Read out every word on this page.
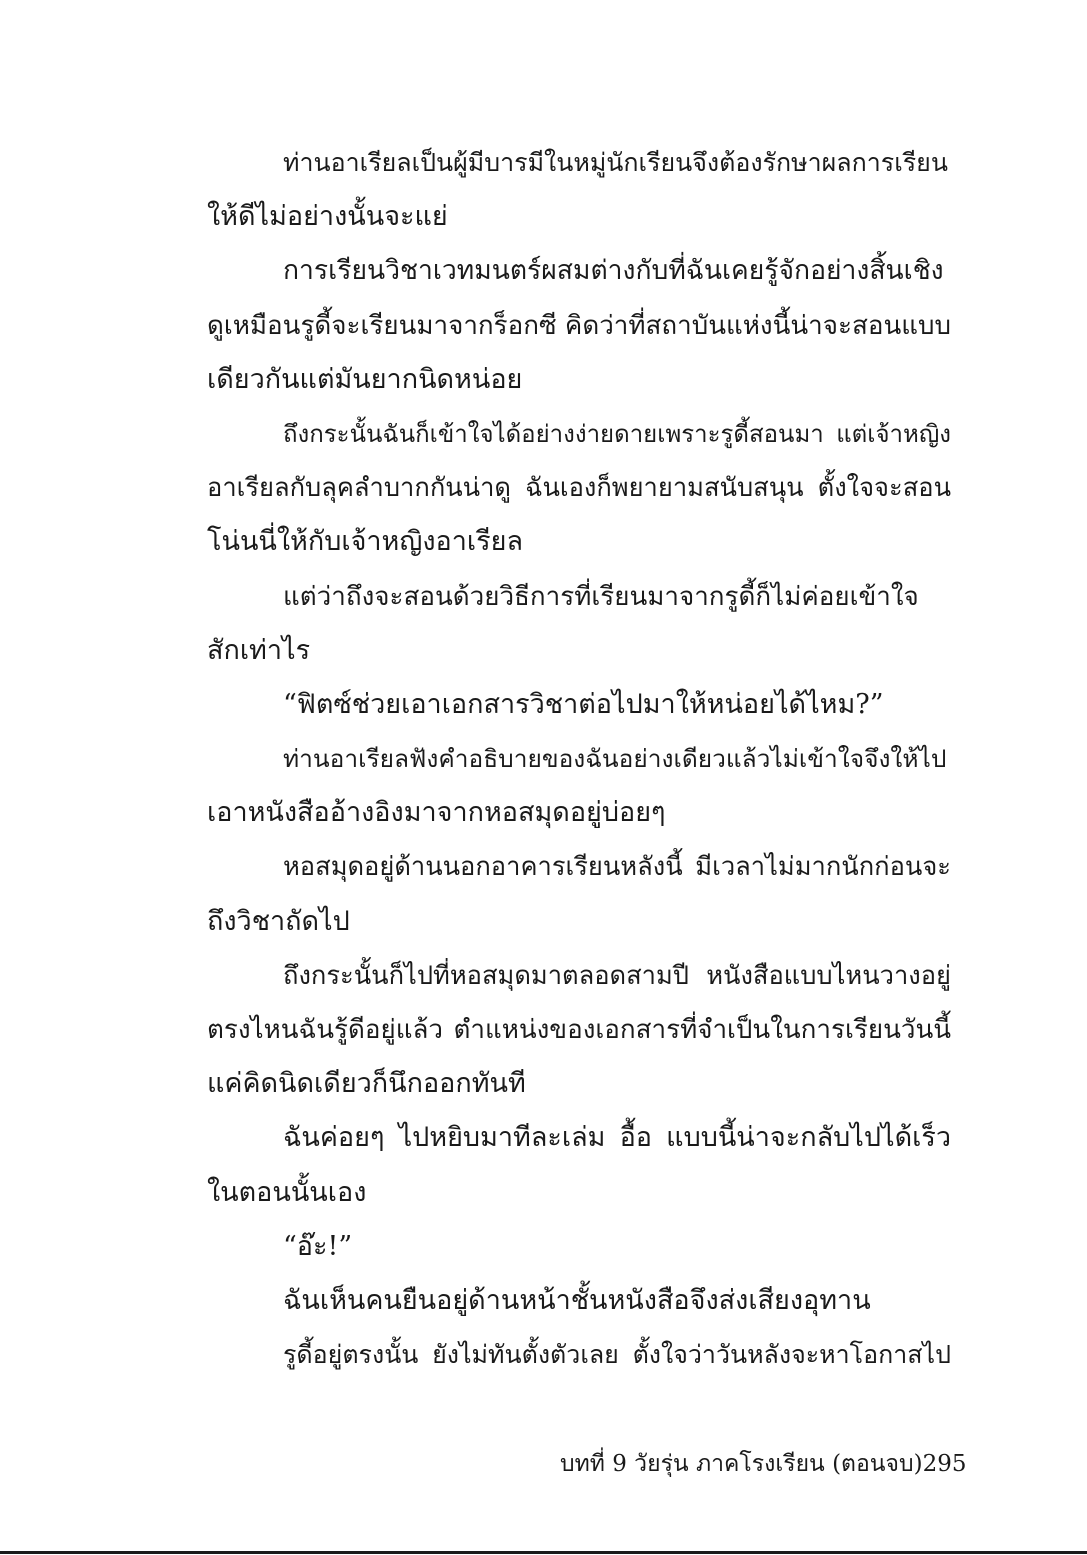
ท่านอาเรียลเป็นผู้มีบารมีในหมู่นักเรียนจึงต้องรักษาผลการเรียน
ให้ดีไม่อย่างนั้นจะแย่
การเรียนวิชาเวทมนตร์ผสมต่างกับที่ฉันเคยรู้จักอย่างสิ้นเชิง
ดูเหมือนรูดี้จะเรียนมาจากร็อกซี คิดว่าที่สถาบันแห่งนี้น่าจะสอนแบบ
เดียวกันแต่มันยากนิดหน่อย
ถึงกระนั้นฉันก็เข้าใจได้อย่างง่ายดายเพราะรูดี้สอนมา แต่เจ้าหญิง
อาเรียลกับลุคลำบากกันน่าดู ฉันเองก็พยายามสนับสนุน ตั้งใจจะสอน
โน่นนี่ให้กับเจ้าหญิงอาเรียล
แต่ว่าถึงจะสอนด้วยวิธีการที่เรียนมาจากรูดี้ก็ไม่ค่อยเข้าใจ
สักเท่าไร
“ฟิตซ์ช่วยเอาเอกสารวิชาต่อไปมาให้หน่อยได้ไหม?”
ท่านอาเรียลฟังคำอธิบายของฉันอย่างเดียวแล้วไม่เข้าใจจึงให้ไป
เอาหนังสืออ้างอิงมาจากหอสมุดอยู่บ่อยๆ
หอสมุดอยู่ด้านนอกอาคารเรียนหลังนี้ มีเวลาไม่มากนักก่อนจะ
ถึงวิชาถัดไป
ถึงกระนั้นก็ไปที่หอสมุดมาตลอดสามปี หนังสือแบบไหนวางอยู่
ตรงไหนฉันรู้ดีอยู่แล้ว ตำแหน่งของเอกสารที่จำเป็นในการเรียนวันนี้
แค่คิดนิดเดียวก็นึกออกทันที
ฉันค่อยๆ ไปหยิบมาทีละเล่ม อื้อ แบบนี้น่าจะกลับไปได้เร็ว
ในตอนนั้นเอง
“อ๊ะ!”
ฉันเห็นคนยืนอยู่ด้านหน้าชั้นหนังสือจึงส่งเสียงอุทาน
รูดี้อยู่ตรงนั้น ยังไม่ทันตั้งตัวเลย ตั้งใจว่าวันหลังจะหาโอกาสไป
บทที่ 9 วัยรุ่น ภาคโรงเรียน (ตอนจบ) 295
